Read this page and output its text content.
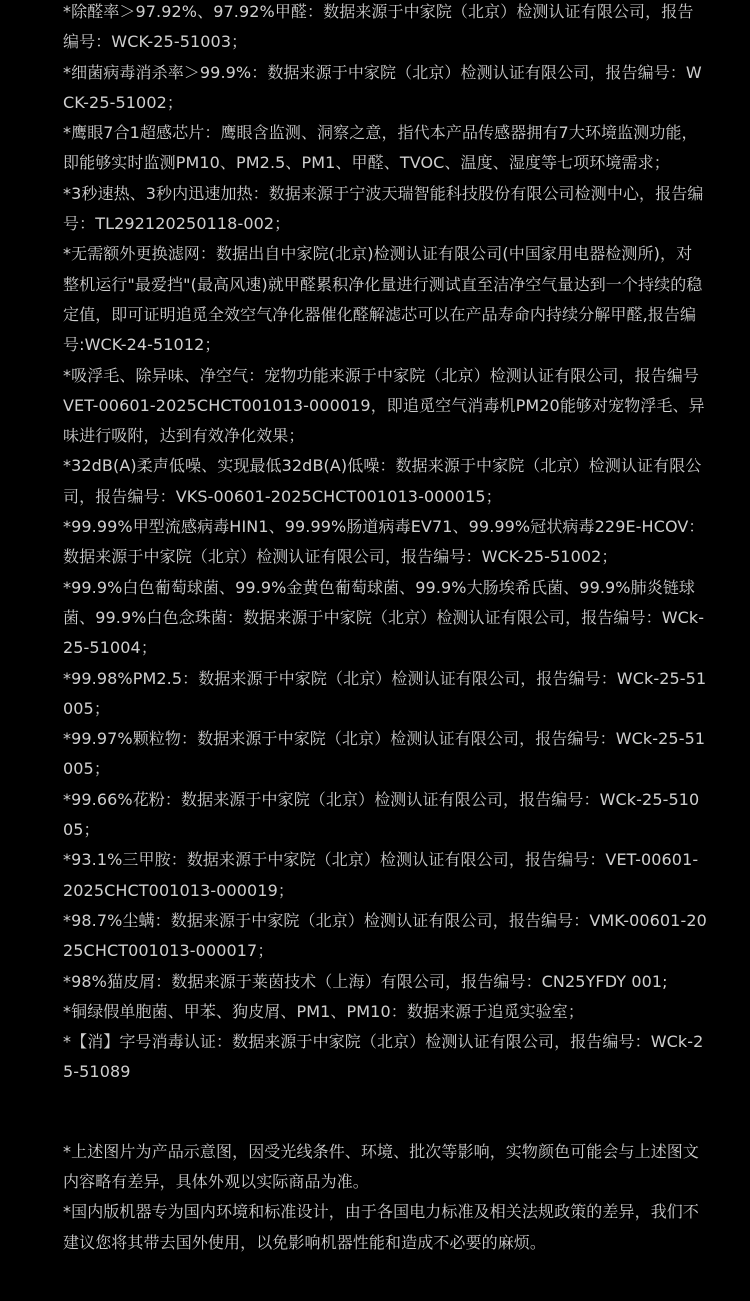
*除醛率＞97.92%、97.92%甲醛：数据来源于中家院（北京）检测认证有限公司，报告编号：WCK-25-51003；
*细菌病毒消杀率＞99.9%：数据来源于中家院（北京）检测认证有限公司，报告编号：WCK-25-51002；
*鹰眼7合1超感芯片：鹰眼含监测、洞察之意，指代本产品传感器拥有7大环境监测功能，即能够实时监测PM10、PM2.5、PM1、甲醛、TVOC、温度、湿度等七项环境需求；
*3秒速热、3秒内迅速加热：数据来源于宁波天瑞智能科技股份有限公司检测中心，报告编号：TL292120250118-002；
*无需额外更换滤网：数据出自中家院(北京)检测认证有限公司(中国家用电器检测所)，对整机运行"最爱挡"(最高风速)就甲醛累积净化量进行测试直至洁净空气量达到一个持续的稳定值，即可证明追觅全效空气净化器催化醛解滤芯可以在产品寿命内持续分解甲醛,报告编号:WCK-24-51012；
*吸浮毛、除异味、净空气：宠物功能来源于中家院（北京）检测认证有限公司，报告编号VET-00601-2025CHCT001013-000019，即追觅空气消毒机PM20能够对宠物浮毛、异味进行吸附，达到有效净化效果；
*32dB(A)柔声低噪、实现最低32dB(A)低噪：数据来源于中家院（北京）检测认证有限公司，报告编号：VKS-00601-2025CHCT001013-000015；
*99.99%甲型流感病毒HIN1、99.99%肠道病毒EV71、99.99%冠状病毒229E-HCOV：数据来源于中家院（北京）检测认证有限公司，报告编号：WCK-25-51002；
*99.9%白色葡萄球菌、99.9%金黄色葡萄球菌、99.9%大肠埃希氏菌、99.9%肺炎链球菌、99.9%白色念珠菌：数据来源于中家院（北京）检测认证有限公司，报告编号：WCk-25-51004；
*99.98%PM2.5：数据来源于中家院（北京）检测认证有限公司，报告编号：WCk-25-51005；
*99.97%颗粒物：数据来源于中家院（北京）检测认证有限公司，报告编号：WCk-25-51005；
*99.66%花粉：数据来源于中家院（北京）检测认证有限公司，报告编号：WCk-25-51005；
*93.1%三甲胺：数据来源于中家院（北京）检测认证有限公司，报告编号：VET-00601-2025CHCT001013-000019；
*98.7%尘螨：数据来源于中家院（北京）检测认证有限公司，报告编号：VMK-00601-2025CHCT001013-000017；
*98%猫皮屑：数据来源于莱茵技术（上海）有限公司，报告编号：CN25YFDY 001;
*铜绿假单胞菌、甲苯、狗皮屑、PM1、PM10：数据来源于追觅实验室；
*【消】字号消毒认证：数据来源于中家院（北京）检测认证有限公司，报告编号：WCk-25-51089
*上述图片为产品示意图，因受光线条件、环境、批次等影响，实物颜色可能会与上述图文内容略有差异，具体外观以实际商品为准。
*国内版机器专为国内环境和标准设计，由于各国电力标准及相关法规政策的差异，我们不建议您将其带去国外使用，以免影响机器性能和造成不必要的麻烦。
